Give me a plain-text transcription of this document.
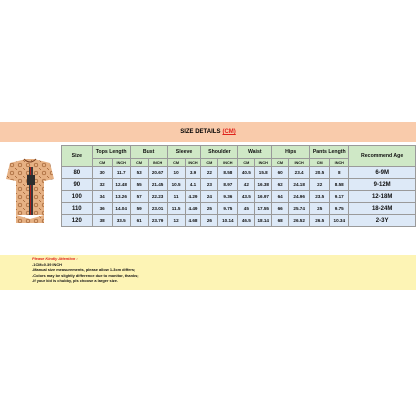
SIZE DETAILS (CM)
Size	Tops Length		Bust		Sleeve		Shoulder		Waist		Hips		Pants Length		Recommend Age
	CM	INCH	CM	INCH	CM	INCH	CM	INCH	CM	INCH	CM	INCH	CM	INCH	
80	30	11.7	53	20.67	10	3.9	22	8.58	40.5	15.8	60	23.4	20.5	8	6-9M
90	32	12.48	55	21.45	10.5	4.1	23	8.97	42	16.38	62	24.18	22	8.58	9-12M
100	34	13.26	57	22.23	11	4.29	24	9.36	43.5	16.97	64	24.96	23.5	9.17	12-18M
110	36	14.04	59	23.01	11.5	4.49	25	9.75	45	17.55	66	25.74	25	9.75	18-24M
120	38	33.5	61	23.79	12	4.68	26	10.14	46.5	18.14	68	26.52	26.5	10.34	2-3Y
Please Kindly Attention :
-1CM=0.39 INCH
-Manual size measurements, please allow 1-3cm differs;
-Colors may be slightly difference due to monitor, thanks;
-If your kid is chubby, pls choose a larger size.
